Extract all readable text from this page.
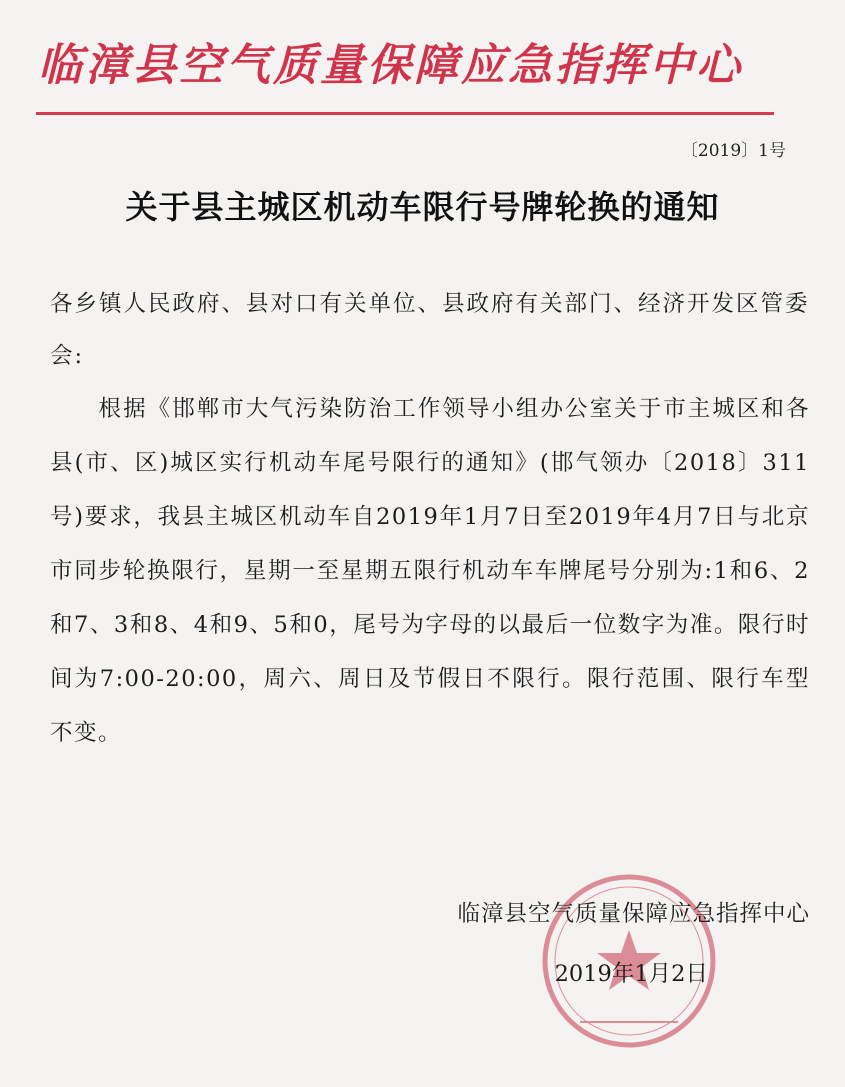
临漳县空气质量保障应急指挥中心
〔2019〕1号
关于县主城区机动车限行号牌轮换的通知
各乡镇人民政府、县对口有关单位、县政府有关部门、经济开发区管委会:
根据《邯郸市大气污染防治工作领导小组办公室关于市主城区和各县(市、区)城区实行机动车尾号限行的通知》(邯气领办〔2018〕311号)要求，我县主城区机动车自2019年1月7日至2019年4月7日与北京市同步轮换限行，星期一至星期五限行机动车车牌尾号分别为:1和6、2和7、3和8、4和9、5和0，尾号为字母的以最后一位数字为准。限行时间为7:00-20:00，周六、周日及节假日不限行。限行范围、限行车型不变。
临漳县空气质量保障应急指挥中心
2019年1月2日
